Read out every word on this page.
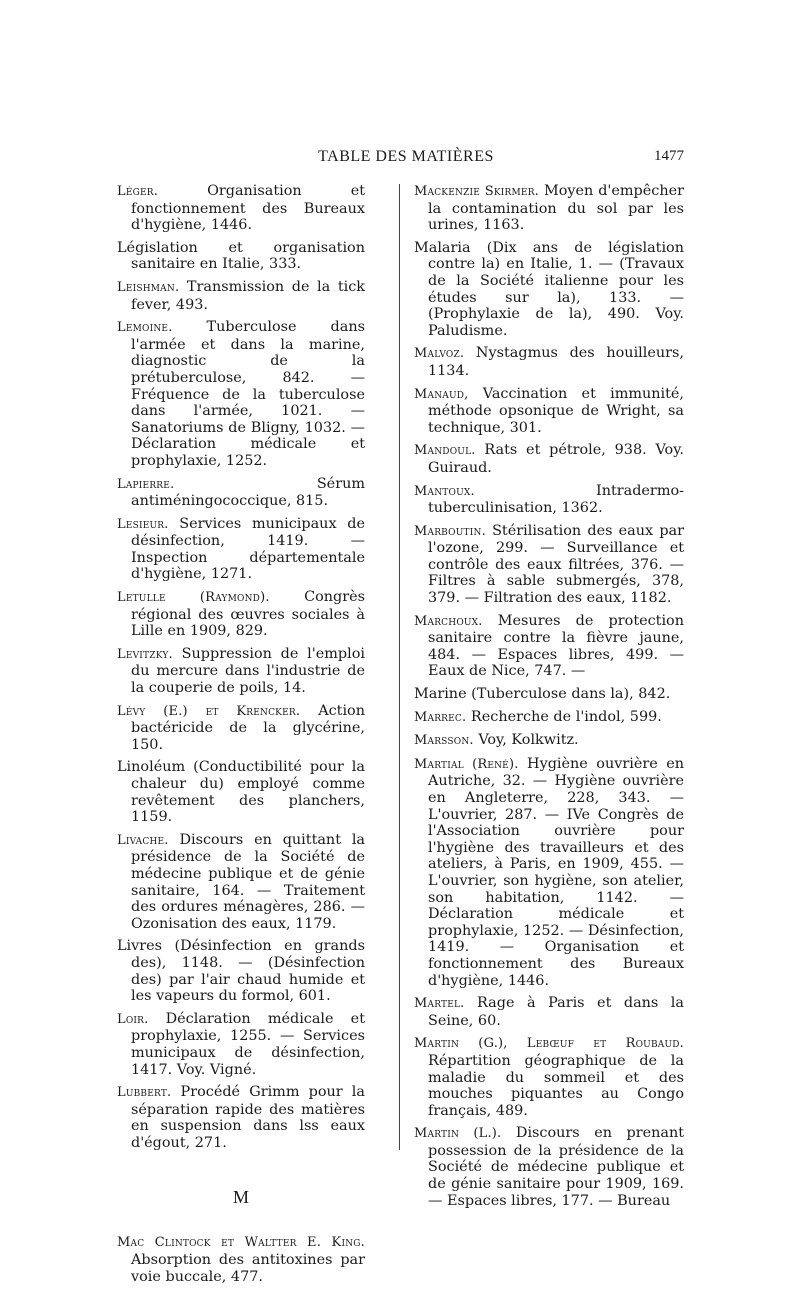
TABLE DES MATIÈRES	1477

Léger. Organisation et fonctionnement des Bureaux d'hygiène, 1446.

Législation et organisation sanitaire en Italie, 333.

Leishman. Transmission de la tick fever, 493.

Lemoine. Tuberculose dans l'armée et dans la marine, diagnostic de la prétuberculose, 842. — Fréquence de la tuberculose dans l'armée, 1021. — Sanatoriums de Bligny, 1032. — Déclaration médicale et prophylaxie, 1252.

Lapierre. Sérum antiméningococcique, 815.

Lesieur. Services municipaux de désinfection, 1419. — Inspection départementale d'hygiène, 1271.

Letulle (Raymond). Congrès régional des œuvres sociales à Lille en 1909, 829.

Levitzky. Suppression de l'emploi du mercure dans l'industrie de la couperie de poils, 14.

Lévy (E.) et Krencker. Action bactéricide de la glycérine, 150.

Linoléum (Conductibilité pour la chaleur du) employé comme revêtement des planchers, 1159.

Livache. Discours en quittant la présidence de la Société de médecine publique et de génie sanitaire, 164. — Traitement des ordures ménagères, 286. — Ozonisation des eaux, 1179.

Livres (Désinfection en grands des), 1148. — (Désinfection des) par l'air chaud humide et les vapeurs du formol, 601.

Loir. Déclaration médicale et prophylaxie, 1255. — Services municipaux de désinfection, 1417. Voy. Vigné.

Lubbert. Procédé Grimm pour la séparation rapide des matières en suspension dans lss eaux d'égout, 271.

M

Mac Clintock et Waltter E. King. Absorption des antitoxines par voie buccale, 477.

Mackenzie Skirmer. Moyen d'empêcher la contamination du sol par les urines, 1163.

Malaria (Dix ans de législation contre la) en Italie, 1. — (Travaux de la Société italienne pour les études sur la), 133. — (Prophylaxie de la), 490. Voy. Paludisme.

Malvoz. Nystagmus des houilleurs, 1134.

Manaud, Vaccination et immunité, méthode opsonique de Wright, sa technique, 301.

Mandoul. Rats et pétrole, 938. Voy. Guiraud.

Mantoux. Intradermo-tuberculinisation, 1362.

Marboutin. Stérilisation des eaux par l'ozone, 299. — Surveillance et contrôle des eaux filtrées, 376. — Filtres à sable submergés, 378, 379. — Filtration des eaux, 1182.

Marchoux. Mesures de protection sanitaire contre la fièvre jaune, 484. — Espaces libres, 499. — Eaux de Nice, 747. —

Marine (Tuberculose dans la), 842.

Marrec. Recherche de l'indol, 599.

Marsson. Voy, Kolkwitz.

Martial (René). Hygiène ouvrière en Autriche, 32. — Hygiène ouvrière en Angleterre, 228, 343. — L'ouvrier, 287. — IVe Congrès de l'Association ouvrière pour l'hygiène des travailleurs et des ateliers, à Paris, en 1909, 455. — L'ouvrier, son hygiène, son atelier, son habitation, 1142. — Déclaration médicale et prophylaxie, 1252. — Désinfection, 1419. — Organisation et fonctionnement des Bureaux d'hygiène, 1446.

Martel. Rage à Paris et dans la Seine, 60.

Martin (G.), Lebœuf et Roubaud. Répartition géographique de la maladie du sommeil et des mouches piquantes au Congo français, 489.

Martin (L.). Discours en prenant possession de la présidence de la Société de médecine publique et de génie sanitaire pour 1909, 169. — Espaces libres, 177. — Bureau
